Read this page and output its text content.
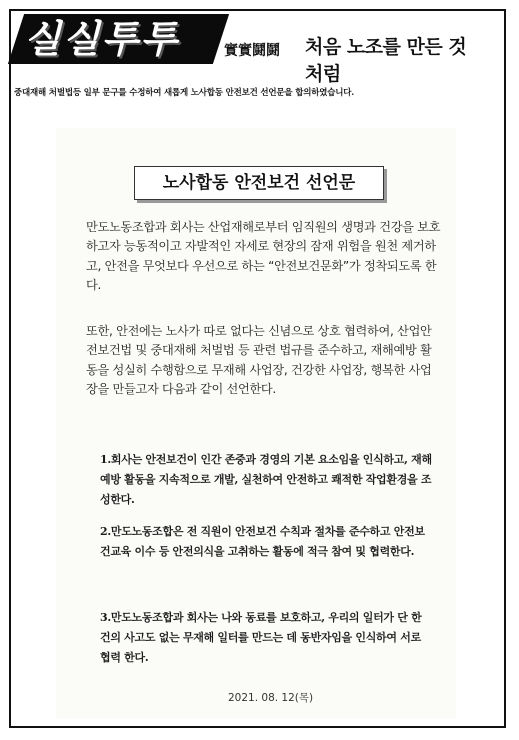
실실투투	實實鬪鬪 처음 노조를 만든 것 처럼
중대재해 처벌법등 일부 문구를 수정하여 새롭게 노사합동 안전보건 선언문을 합의하였습니다.
노사합동 안전보건 선언문

만도노동조합과 회사는 산업재해로부터 임직원의 생명과 건강을 보호하고자 능동적이고 자발적인 자세로 현장의 잠재 위험을 원천 제거하고, 안전을 무엇보다 우선으로 하는 “안전보건문화”가 정착되도록 한다.

또한, 안전에는 노사가 따로 없다는 신념으로 상호 협력하여, 산업안전보건법 및 중대재해 처벌법 등 관련 법규를 준수하고, 재해예방 활동을 성실히 수행함으로 무재해 사업장, 건강한 사업장, 행복한 사업장을 만들고자 다음과 같이 선언한다.

1.회사는 안전보건이 인간 존중과 경영의 기본 요소임을 인식하고, 재해예방 활동을 지속적으로 개발, 실천하여 안전하고 쾌적한 작업환경을 조성한다.

2.만도노동조합은 전 직원이 안전보건 수칙과 절차를 준수하고 안전보건교육 이수 등 안전의식을 고취하는 활동에 적극 참여 및 협력한다.

3.만도노동조합과 회사는 나와 동료를 보호하고, 우리의 일터가 단 한 건의 사고도 없는 무재해 일터를 만드는 데 동반자임을 인식하여 서로 협력 한다.

2021. 08. 12(목)
